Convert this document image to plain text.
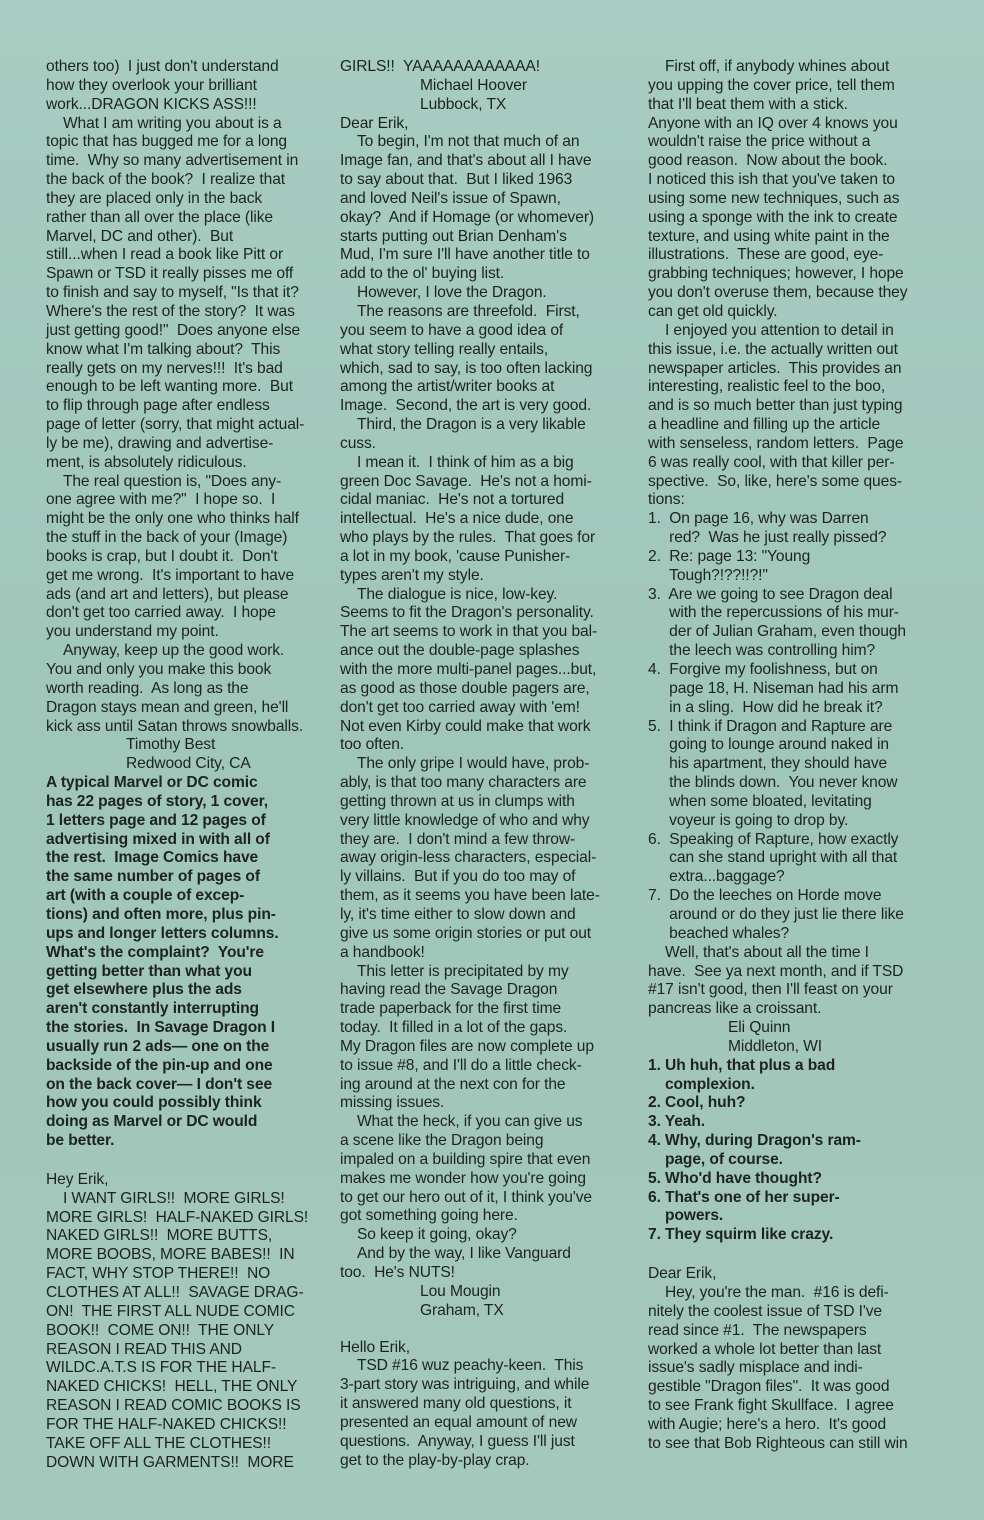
others too)  I just don't understand
how they overlook your brilliant
work...DRAGON KICKS ASS!!!

What I am writing you about is a
topic that has bugged me for a long
time.  Why so many advertisement in
the back of the book?  I realize that
they are placed only in the back
rather than all over the place (like
Marvel, DC and other).  But
still...when I read a book like Pitt or
Spawn or TSD it really pisses me off
to finish and say to myself, "Is that it?
Where's the rest of the story?  It was
just getting good!"  Does anyone else
know what I'm talking about?  This
really gets on my nerves!!!  It's bad
enough to be left wanting more.  But
to flip through page after endless
page of letter (sorry, that might actual-
ly be me), drawing and advertise-
ment, is absolutely ridiculous.

The real question is, "Does any-
one agree with me?"  I hope so.  I
might be the only one who thinks half
the stuff in the back of your (Image)
books is crap, but I doubt it.  Don't
get me wrong.  It's important to have
ads (and art and letters), but please
don't get too carried away.  I hope
you understand my point.

Anyway, keep up the good work.
You and only you make this book
worth reading.  As long as the
Dragon stays mean and green, he'll
kick ass until Satan throws snowballs.

Timothy Best

Redwood City, CA

A typical Marvel or DC comic
has 22 pages of story, 1 cover,
1 letters page and 12 pages of
advertising mixed in with all of
the rest.  Image Comics have
the same number of pages of
art (with a couple of excep-
tions) and often more, plus pin-
ups and longer letters columns.
What's the complaint?  You're
getting better than what you
get elsewhere plus the ads
aren't constantly interrupting
the stories.  In Savage Dragon I
usually run 2 ads— one on the
backside of the pin-up and one
on the back cover— I don't see
how you could possibly think
doing as Marvel or DC would
be better.

Hey Erik,

I WANT GIRLS!!  MORE GIRLS!
MORE GIRLS!  HALF-NAKED GIRLS!
NAKED GIRLS!!  MORE BUTTS,
MORE BOOBS, MORE BABES!!  IN
FACT, WHY STOP THERE!!  NO
CLOTHES AT ALL!!  SAVAGE DRAG-
ON!  THE FIRST ALL NUDE COMIC
BOOK!!  COME ON!!  THE ONLY
REASON I READ THIS AND
WILDC.A.T.S IS FOR THE HALF-
NAKED CHICKS!  HELL, THE ONLY
REASON I READ COMIC BOOKS IS
FOR THE HALF-NAKED CHICKS!!
TAKE OFF ALL THE CLOTHES!!
DOWN WITH GARMENTS!!  MORE

GIRLS!!  YAAAAAAAAAAAA!

Michael Hoover

Lubbock, TX

Dear Erik,

To begin, I'm not that much of an
Image fan, and that's about all I have
to say about that.  But I liked 1963
and loved Neil's issue of Spawn,
okay?  And if Homage (or whomever)
starts putting out Brian Denham's
Mud, I'm sure I'll have another title to
add to the ol' buying list.

However, I love the Dragon.

The reasons are threefold.  First,
you seem to have a good idea of
what story telling really entails,
which, sad to say, is too often lacking
among the artist/writer books at
Image.  Second, the art is very good.

Third, the Dragon is a very likable
cuss.

I mean it.  I think of him as a big
green Doc Savage.  He's not a homi-
cidal maniac.  He's not a tortured
intellectual.  He's a nice dude, one
who plays by the rules.  That goes for
a lot in my book, 'cause Punisher-
types aren't my style.

The dialogue is nice, low-key.
Seems to fit the Dragon's personality.
The art seems to work in that you bal-
ance out the double-page splashes
with the more multi-panel pages...but,
as good as those double pagers are,
don't get too carried away with 'em!
Not even Kirby could make that work
too often.

The only gripe I would have, prob-
ably, is that too many characters are
getting thrown at us in clumps with
very little knowledge of who and why
they are.  I don't mind a few throw-
away origin-less characters, especial-
ly villains.  But if you do too may of
them, as it seems you have been late-
ly, it's time either to slow down and
give us some origin stories or put out
a handbook!

This letter is precipitated by my
having read the Savage Dragon
trade paperback for the first time
today.  It filled in a lot of the gaps.
My Dragon files are now complete up
to issue #8, and I'll do a little check-
ing around at the next con for the
missing issues.

What the heck, if you can give us
a scene like the Dragon being
impaled on a building spire that even
makes me wonder how you're going
to get our hero out of it, I think you've
got something going here.

So keep it going, okay?

And by the way, I like Vanguard
too.  He's NUTS!

Lou Mougin

Graham, TX

Hello Erik,

TSD #16 wuz peachy-keen.  This
3-part story was intriguing, and while
it answered many old questions, it
presented an equal amount of new
questions.  Anyway, I guess I'll just
get to the play-by-play crap.

First off, if anybody whines about
you upping the cover price, tell them
that I'll beat them with a stick.
Anyone with an IQ over 4 knows you
wouldn't raise the price without a
good reason.  Now about the book.
I noticed this ish that you've taken to
using some new techniques, such as
using a sponge with the ink to create
texture, and using white paint in the
illustrations.  These are good, eye-
grabbing techniques; however, I hope
you don't overuse them, because they
can get old quickly.

I enjoyed you attention to detail in
this issue, i.e. the actually written out
newspaper articles.  This provides an
interesting, realistic feel to the boo,
and is so much better than just typing
a headline and filling up the article
with senseless, random letters.  Page
6 was really cool, with that killer per-
spective.  So, like, here's some ques-
tions:

1.  On page 16, why was Darren
red?  Was he just really pissed?

2.  Re: page 13: "Young
Tough?!??!!?!"

3.  Are we going to see Dragon deal
with the repercussions of his mur-
der of Julian Graham, even though
the leech was controlling him?

4.  Forgive my foolishness, but on
page 18, H. Niseman had his arm
in a sling.  How did he break it?

5.  I think if Dragon and Rapture are
going to lounge around naked in
his apartment, they should have
the blinds down.  You never know
when some bloated, levitating
voyeur is going to drop by.

6.  Speaking of Rapture, how exactly
can she stand upright with all that
extra...baggage?

7.  Do the leeches on Horde move
around or do they just lie there like
beached whales?

Well, that's about all the time I
have.  See ya next month, and if TSD
#17 isn't good, then I'll feast on your
pancreas like a croissant.

Eli Quinn

Middleton, WI

1. Uh huh, that plus a bad
complexion.

2. Cool, huh?

3. Yeah.

4. Why, during Dragon's ram-
page, of course.

5. Who'd have thought?

6. That's one of her super-
powers.

7. They squirm like crazy.

Dear Erik,

Hey, you're the man.  #16 is defi-
nitely the coolest issue of TSD I've
read since #1.  The newspapers
worked a whole lot better than last
issue's sadly misplace and indi-
gestible "Dragon files".  It was good
to see Frank fight Skullface.  I agree
with Augie; here's a hero.  It's good
to see that Bob Righteous can still win
